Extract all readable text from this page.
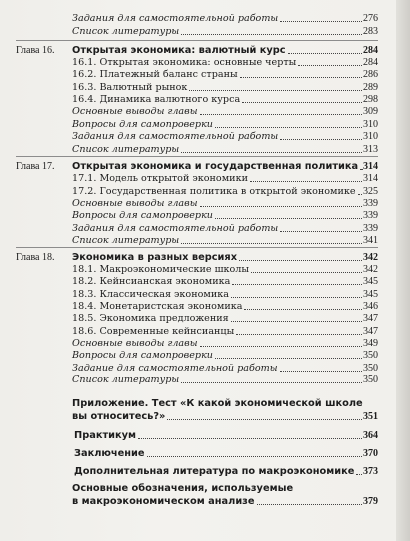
Задания для самостоятельной работы	276
Список литературы	283
Глава 16.	Открытая экономика: валютный курс	284
16.1. Открытая экономика: основные черты	284
16.2. Платежный баланс страны	286
16.3. Валютный рынок	289
16.4. Динамика валютного курса	298
Основные выводы главы	309
Вопросы для самопроверки	310
Задания для самостоятельной работы	310
Список литературы	313
Глава 17.	Открытая экономика и государственная политика 314
17.1. Модель открытой экономики	314
17.2. Государственная политика в открытой экономике 325
Основные выводы главы	339
Вопросы для самопроверки	339
Задания для самостоятельной работы	339
Список литературы	341
Глава 18.	Экономика в разных версиях	342
18.1. Макроэкономические школы	342
18.2. Кейнсианская экономика	345
18.3. Классическая экономика	345
18.4. Монетаристская экономика	346
18.5. Экономика предложения	347
18.6. Современные кейнсианцы	347
Основные выводы главы	349
Вопросы для самопроверки	350
Задание для самостоятельной работы	350
Список литературы	350
Приложение. Тест «К какой экономической школе
вы относитесь?»	351
Практикум	364
Заключение	370
Дополнительная литература по макроэкономике 373
Основные обозначения, используемые
в макроэкономическом анализе	379
